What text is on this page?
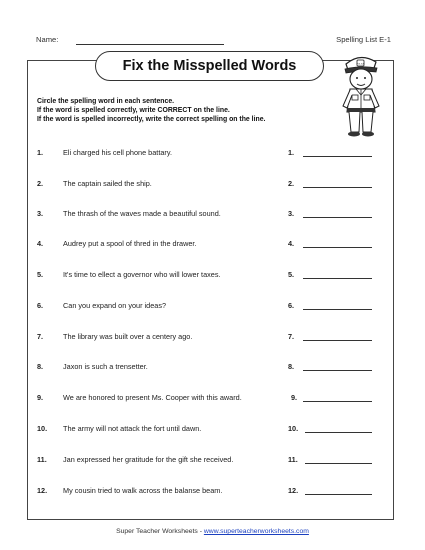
Name:	Spelling List E-1
Fix the Misspelled Words	POLICE
Circle the spelling word in each sentence.
If the word is spelled correctly, write CORRECT on the line.
If the word is spelled incorrectly, write the correct spelling on the line.
1.	Eli charged his cell phone battary.	1.
2.	The captain sailed the ship.	2.
3.	The thrash of the waves made a beautiful sound.	3.
4.	Audrey put a spool of thred in the drawer.	4.
5.	It's time to ellect a governor who will lower taxes.	5.
6.	Can you expand on your ideas?	6.
7.	The library was built over a centery ago.	7.
8.	Jaxon is such a trensetter.	8.
9.	We are honored to present Ms. Cooper with this award.	9.
10. The army will not attack the fort until dawn.	10.
11. Jan expressed her gratitude for the gift she received.	11.
12. My cousin tried to walk across the balanse beam.	12.
Super Teacher Worksheets - www.superteacherworksheets.com
